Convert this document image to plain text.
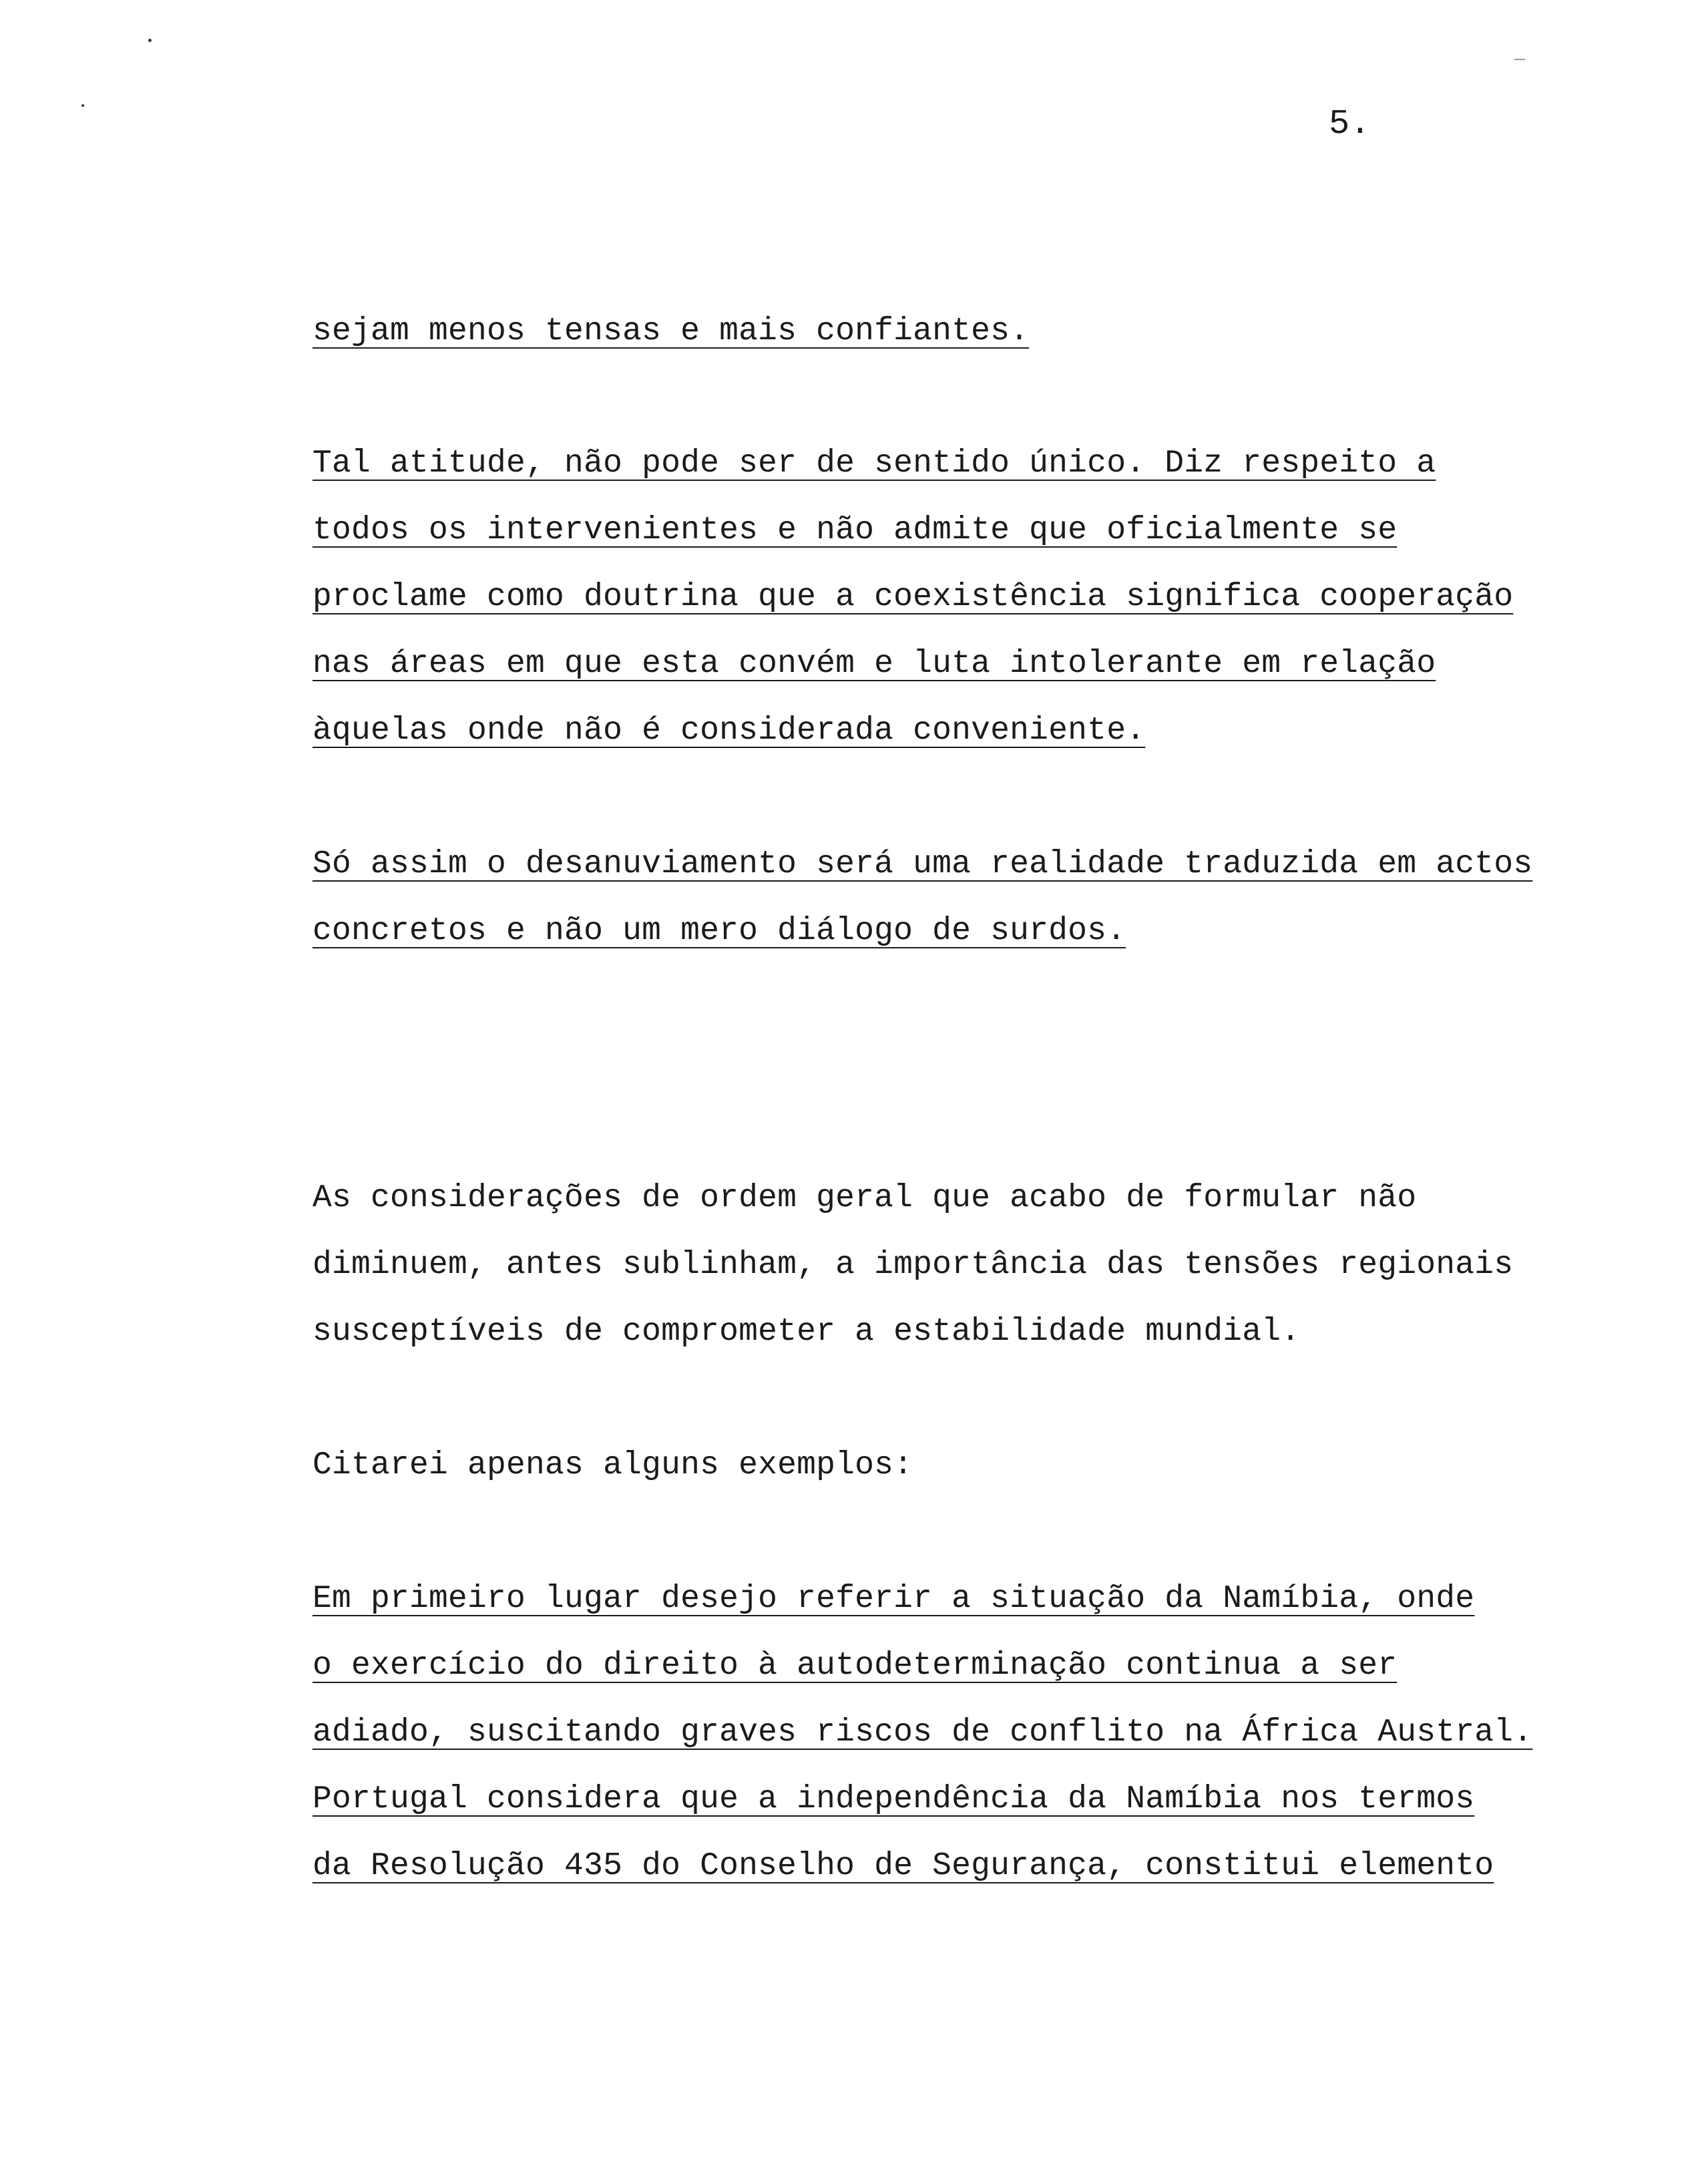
5.
sejam menos tensas e mais confiantes.
Tal atitude, não pode ser de sentido único. Diz respeito a
todos os intervenientes e não admite que oficialmente se
proclame como doutrina que a coexistência significa cooperação
nas áreas em que esta convém e luta intolerante em relação
àquelas onde não é considerada conveniente.
Só assim o desanuviamento será uma realidade traduzida em actos
concretos e não um mero diálogo de surdos.
As considerações de ordem geral que acabo de formular não
diminuem, antes sublinham, a importância das tensões regionais
susceptíveis de comprometer a estabilidade mundial.
Citarei apenas alguns exemplos:
Em primeiro lugar desejo referir a situação da Namíbia, onde
o exercício do direito à autodeterminação continua a ser
adiado, suscitando graves riscos de conflito na África Austral.
Portugal considera que a independência da Namíbia nos termos
da Resolução 435 do Conselho de Segurança, constitui elemento
